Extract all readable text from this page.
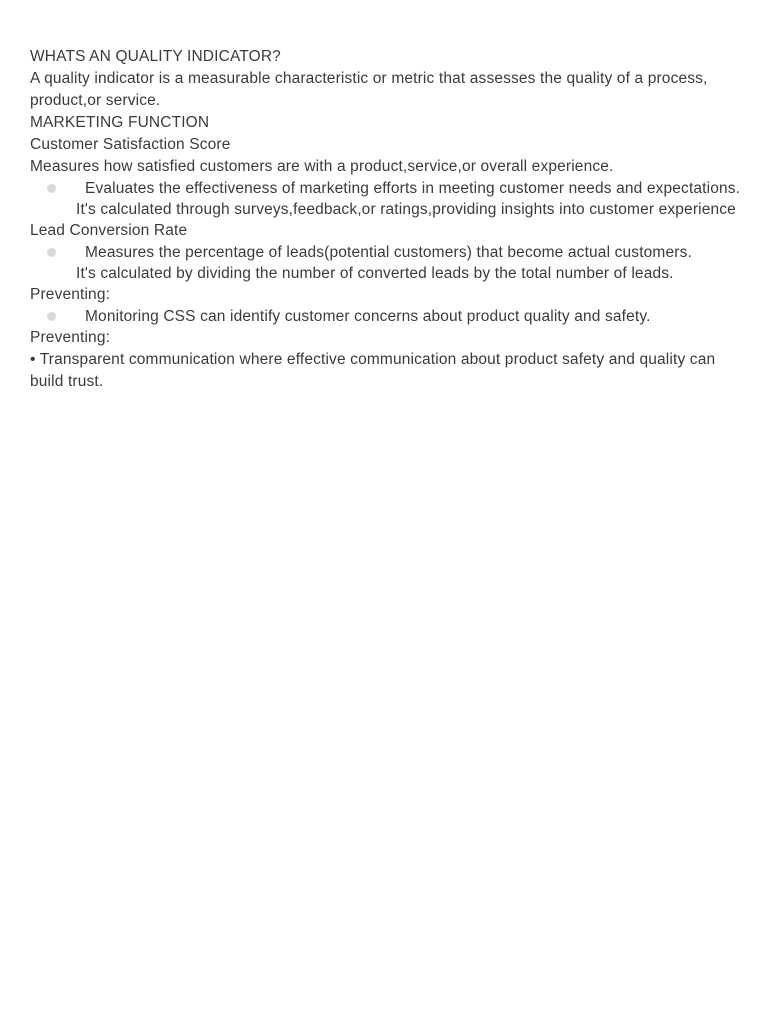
WHATS AN QUALITY INDICATOR?

A quality indicator is a measurable characteristic or metric that assesses the quality of a process, product,or service.

MARKETING FUNCTION

Customer Satisfaction Score

Measures how satisfied customers are with a product,service,or overall experience.

Evaluates the effectiveness of marketing efforts in meeting customer needs and expectations.

It's calculated through surveys,feedback,or ratings,providing insights into customer experience

Lead Conversion Rate

Measures the percentage of leads(potential customers) that become actual customers.

It's calculated by dividing the number of converted leads by the total number of leads.

Preventing:

Monitoring CSS can identify customer concerns about product quality and safety.

Preventing:

• Transparent communication where effective communication about product safety and quality can build trust.
